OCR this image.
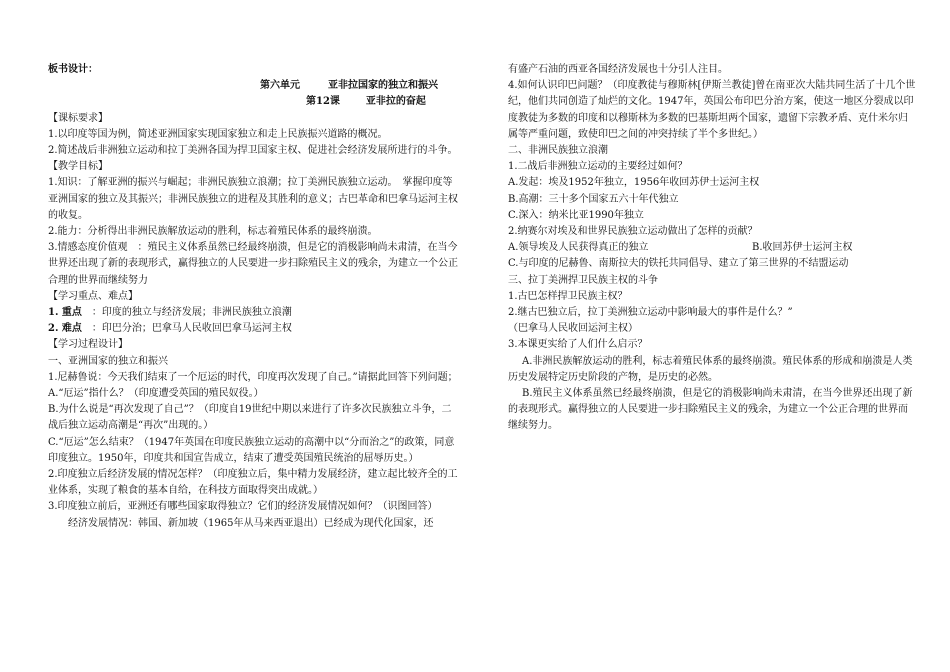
板书设计：

第六单元	亚非拉国家的独立和振兴

第12课	亚非拉的奋起

【课标要求】

1.以印度等国为例，简述亚洲国家实现国家独立和走上民族振兴道路的概况。

2.简述战后非洲独立运动和拉丁美洲各国为捍卫国家主权、促进社会经济发展所进行的斗争。

【教学目标】

1.知识：了解亚洲的振兴与崛起；非洲民族独立浪潮；拉丁美洲民族独立运动。　掌握印度等亚洲国家的独立及其振兴；非洲民族独立的进程及其胜利的意义；古巴革命和巴拿马运河主权的收复。

2.能力：分析得出非洲民族解放运动的胜利，标志着殖民体系的最终崩溃。

3.情感态度价值观　：殖民主义体系虽然已经最终崩溃，但是它的消极影响尚未肃清，在当今世界还出现了新的表现形式，赢得独立的人民要进一步扫除殖民主义的残余，为建立一个公正合理的世界而继续努力

【学习重点、难点】

1. 重点　：印度的独立与经济发展；非洲民族独立浪潮

2. 难点　：印巴分治；巴拿马人民收回巴拿马运河主权

【学习过程设计】

一、亚洲国家的独立和振兴

1.尼赫鲁说：今天我们结束了一个厄运的时代，印度再次发现了自己。”请据此回答下列问题；

A.“厄运”指什么？（印度遭受英国的殖民奴役。）

B.为什么说是“再次发现了自己”？（印度自19世纪中期以来进行了许多次民族独立斗争，二战后独立运动高潮是“再次”出现的。）

C.“厄运”怎么结束？（1947年英国在印度民族独立运动的高潮中以“分而治之”的政策，同意印度独立。1950年，印度共和国宣告成立，结束了遭受英国殖民统治的屈辱历史。）

2.印度独立后经济发展的情况怎样？（印度独立后，集中精力发展经济，建立起比较齐全的工业体系，实现了粮食的基本自给，在科技方面取得突出成就。）

3.印度独立前后，亚洲还有哪些国家取得独立？它们的经济发展情况如何？（识图回答）

经济发展情况：韩国、新加坡（1965年从马来西亚退出）已经成为现代化国家，还

有盛产石油的西亚各国经济发展也十分引人注目。

4.如何认识印巴问题？（印度教徒与穆斯林[伊斯兰教徒]曾在南亚次大陆共同生活了十几个世纪，他们共同创造了灿烂的文化。1947年，英国公布印巴分治方案，使这一地区分裂成以印度教徒为多数的印度和以穆斯林为多数的巴基斯坦两个国家，遗留下宗教矛盾、克什米尔归属等严重问题，致使印巴之间的冲突持续了半个多世纪。）

二、非洲民族独立浪潮

1.二战后非洲独立运动的主要经过如何？

A.发起：埃及1952年独立，1956年收回苏伊士运河主权

B.高潮：三十多个国家五六十年代独立

C.深入：纳米比亚1990年独立

2.纳赛尔对埃及和世界民族独立运动做出了怎样的贡献？

A.领导埃及人民获得真正的独立	B.收回苏伊士运河主权

C.与印度的尼赫鲁、南斯拉夫的铁托共同倡导、建立了第三世界的不结盟运动

三、拉丁美洲捍卫民族主权的斗争

1.古巴怎样捍卫民族主权？

2.继古巴独立后，拉丁美洲独立运动中影响最大的事件是什么？”

（巴拿马人民收回运河主权）

3.本课更实给了人们什么启示？

A.非洲民族解放运动的胜利，标志着殖民体系的最终崩溃。殖民体系的形成和崩溃是人类历史发展特定历史阶段的产物，是历史的必然。

B.殖民主义体系虽然已经最终崩溃，但是它的消极影响尚未肃清，在当今世界还出现了新的表现形式。赢得独立的人民要进一步扫除殖民主义的残余，为建立一个公正合理的世界而继续努力。
